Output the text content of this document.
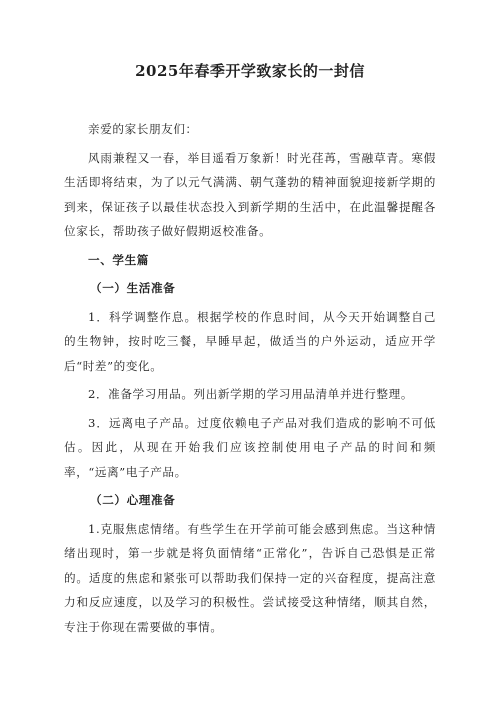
2025年春季开学致家长的一封信

亲爱的家长朋友们：

风雨兼程又一春，举目遥看万象新！时光荏苒，雪融草青。寒假生活即将结束，为了以元气满满、朝气蓬勃的精神面貌迎接新学期的到来，保证孩子以最佳状态投入到新学期的生活中，在此温馨提醒各位家长，帮助孩子做好假期返校准备。

一、学生篇

（一）生活准备

1．科学调整作息。根据学校的作息时间，从今天开始调整自己的生物钟，按时吃三餐，早睡早起，做适当的户外运动，适应开学后“时差”的变化。

2．准备学习用品。列出新学期的学习用品清单并进行整理。

3．远离电子产品。过度依赖电子产品对我们造成的影响不可低估。因此，从现在开始我们应该控制使用电子产品的时间和频率，“远离”电子产品。

（二）心理准备

1.克服焦虑情绪。有些学生在开学前可能会感到焦虑。当这种情绪出现时，第一步就是将负面情绪“正常化”，告诉自己恐惧是正常的。适度的焦虑和紧张可以帮助我们保持一定的兴奋程度，提高注意力和反应速度，以及学习的积极性。尝试接受这种情绪，顺其自然，专注于你现在需要做的事情。
